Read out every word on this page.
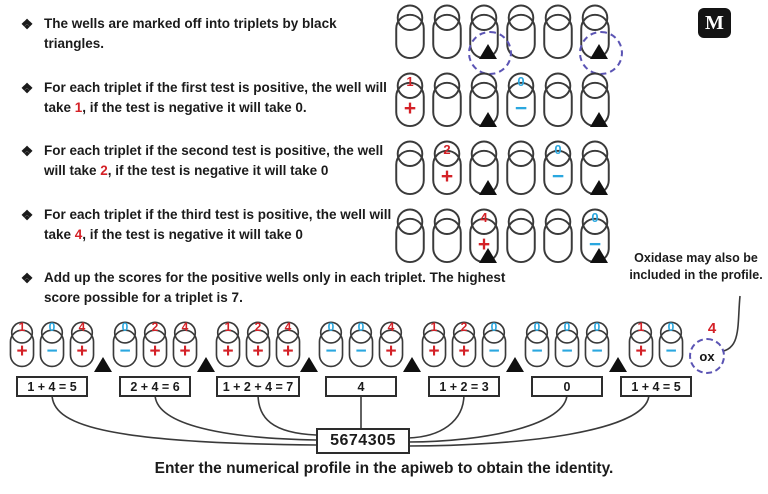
M
❖ The wells are marked off into triplets by black triangles.
❖ For each triplet if the first test is positive, the well will take 1, if the test is negative it will take 0.
❖ For each triplet if the second test is positive, the well will take 2, if the test is negative it will take 0
❖ For each triplet if the third test is positive, the well will take 4, if the test is negative it will take 0
❖ Add up the scores for the positive wells only in each triplet. The highest score possible for a triplet is 7.
1
+
0
−
2
+
0
−
4
+
0
−
Oxidase may also be included in the profile.
1
+
0
−
4
+
1 + 4 = 5
0
−
2
+
4
+
2 + 4 = 6
1
+
2
+
4
+
1 + 2 + 4 = 7
0
−
0
−
4
+
4
1
+
2
+
0
−
1 + 2 = 3
0
−
0
−
0
−
0
1
+
0
− $\frac{4}{ox}$
1 + 4 = 5
5674305
Enter the numerical profile in the apiweb to obtain the identity.
